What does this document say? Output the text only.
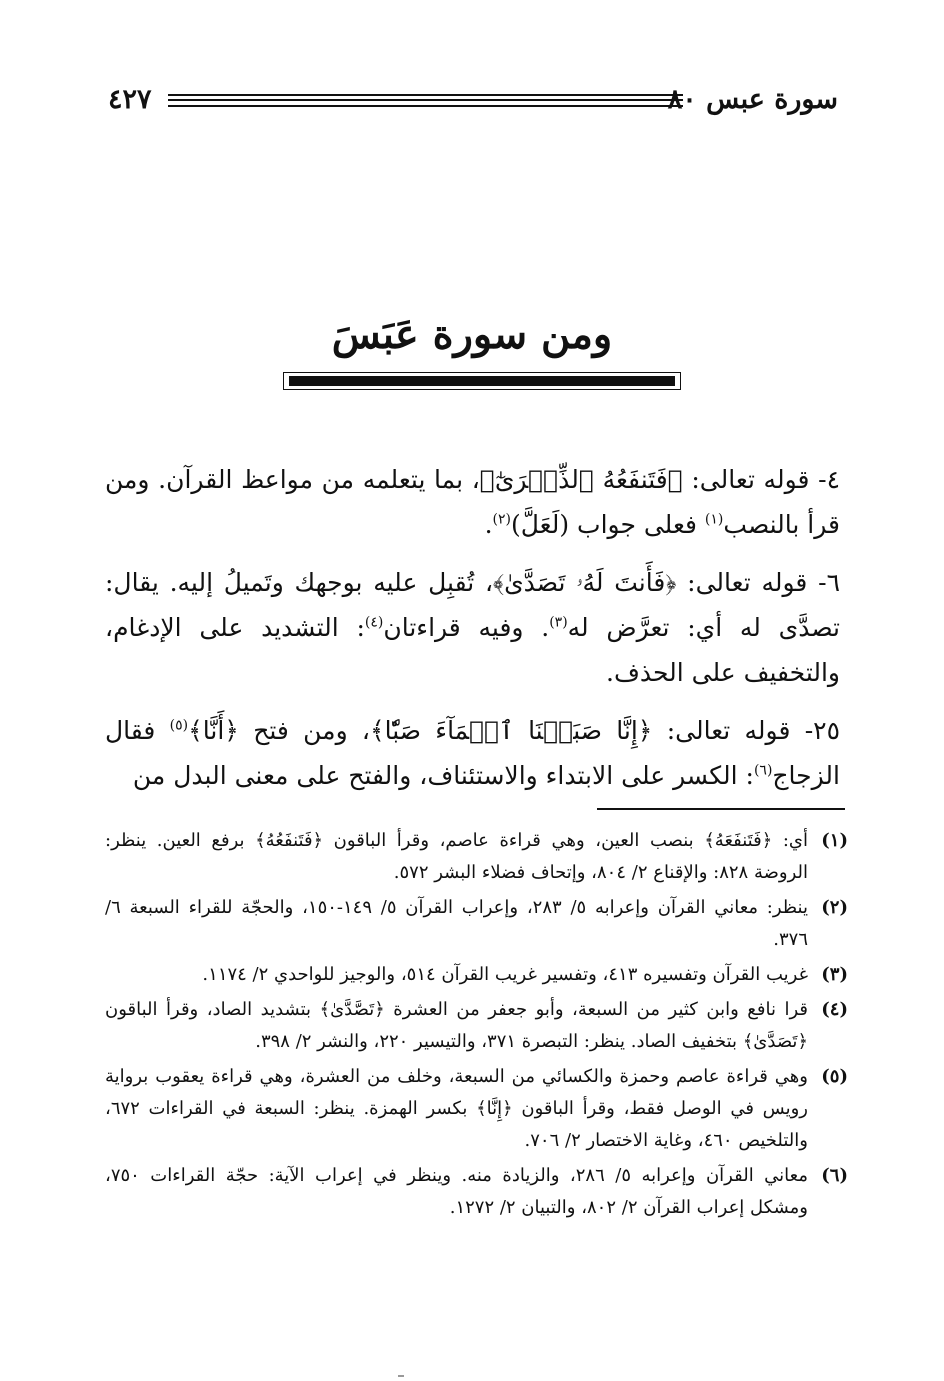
سورة عبس ٨٠
٤٢٧
ومن سورة عَبَسَ

٤- قوله تعالى: ﴿فَتَنفَعُهُ ٱلذِّكۡرَىٰٓ﴾، بما يتعلمه من مواعظ القرآن. ومن قرأ بالنصب$^{(١)}$ فعلى جواب (لَعَلَّ)$^{(٢)}$.

٦- قوله تعالى: ﴿فَأَنتَ لَهُۥ تَصَدَّىٰ﴾، تُقبِل عليه بوجهك وتَميلُ إليه. يقال: تصدَّى له أي: تعرَّض له$^{(٣)}$. وفيه قراءتان$^{(٤)}$: التشديد على الإدغام، والتخفيف على الحذف.

٢٥- قوله تعالى: ﴿إِنَّا صَبَبۡنَا ٱلۡمَآءَ صَبّٗا﴾، ومن فتح ﴿أَنَّا﴾$^{(٥)}$ فقال الزجاج$^{(٦)}$: الكسر على الابتداء والاستئناف، والفتح على معنى البدل من

(١)
أي: ﴿فَتَنفَعَهُ﴾ بنصب العين، وهي قراءة عاصم، وقرأ الباقون ﴿فَتَنفَعُهُ﴾ برفع العين. ينظر: الروضة ٨٢٨: والإقناع ٢/ ٨٠٤، وإتحاف فضلاء البشر ٥٧٢.
(٢)
ينظر: معاني القرآن وإعرابه ٥/ ٢٨٣، وإعراب القرآن ٥/ ١٤٩-١٥٠، والحجّة للقراء السبعة ٦/ ٣٧٦.
(٣)
غريب القرآن وتفسيره ٤١٣، وتفسير غريب القرآن ٥١٤، والوجيز للواحدي ٢/ ١١٧٤.
(٤)
قرا نافع وابن كثير من السبعة، وأبو جعفر من العشرة ﴿تَصَّدَّىٰ﴾ بتشديد الصاد، وقرأ الباقون ﴿تَصَدَّىٰ﴾ بتخفيف الصاد. ينظر: التبصرة ٣٧١، والتيسير ٢٢٠، والنشر ٢/ ٣٩٨.
(٥)
وهي قراءة عاصم وحمزة والكسائي من السبعة، وخلف من العشرة، وهي قراءة يعقوب برواية رويس في الوصل فقط، وقرأ الباقون ﴿إِنَّا﴾ بكسر الهمزة. ينظر: السبعة في القراءات ٦٧٢، والتلخيص ٤٦٠، وغاية الاختصار ٢/ ٧٠٦.
(٦)
معاني القرآن وإعرابه ٥/ ٢٨٦، والزيادة منه. وينظر في إعراب الآية: حجّة القراءات ٧٥٠، ومشكل إعراب القرآن ٢/ ٨٠٢، والتبيان ٢/ ١٢٧٢.
